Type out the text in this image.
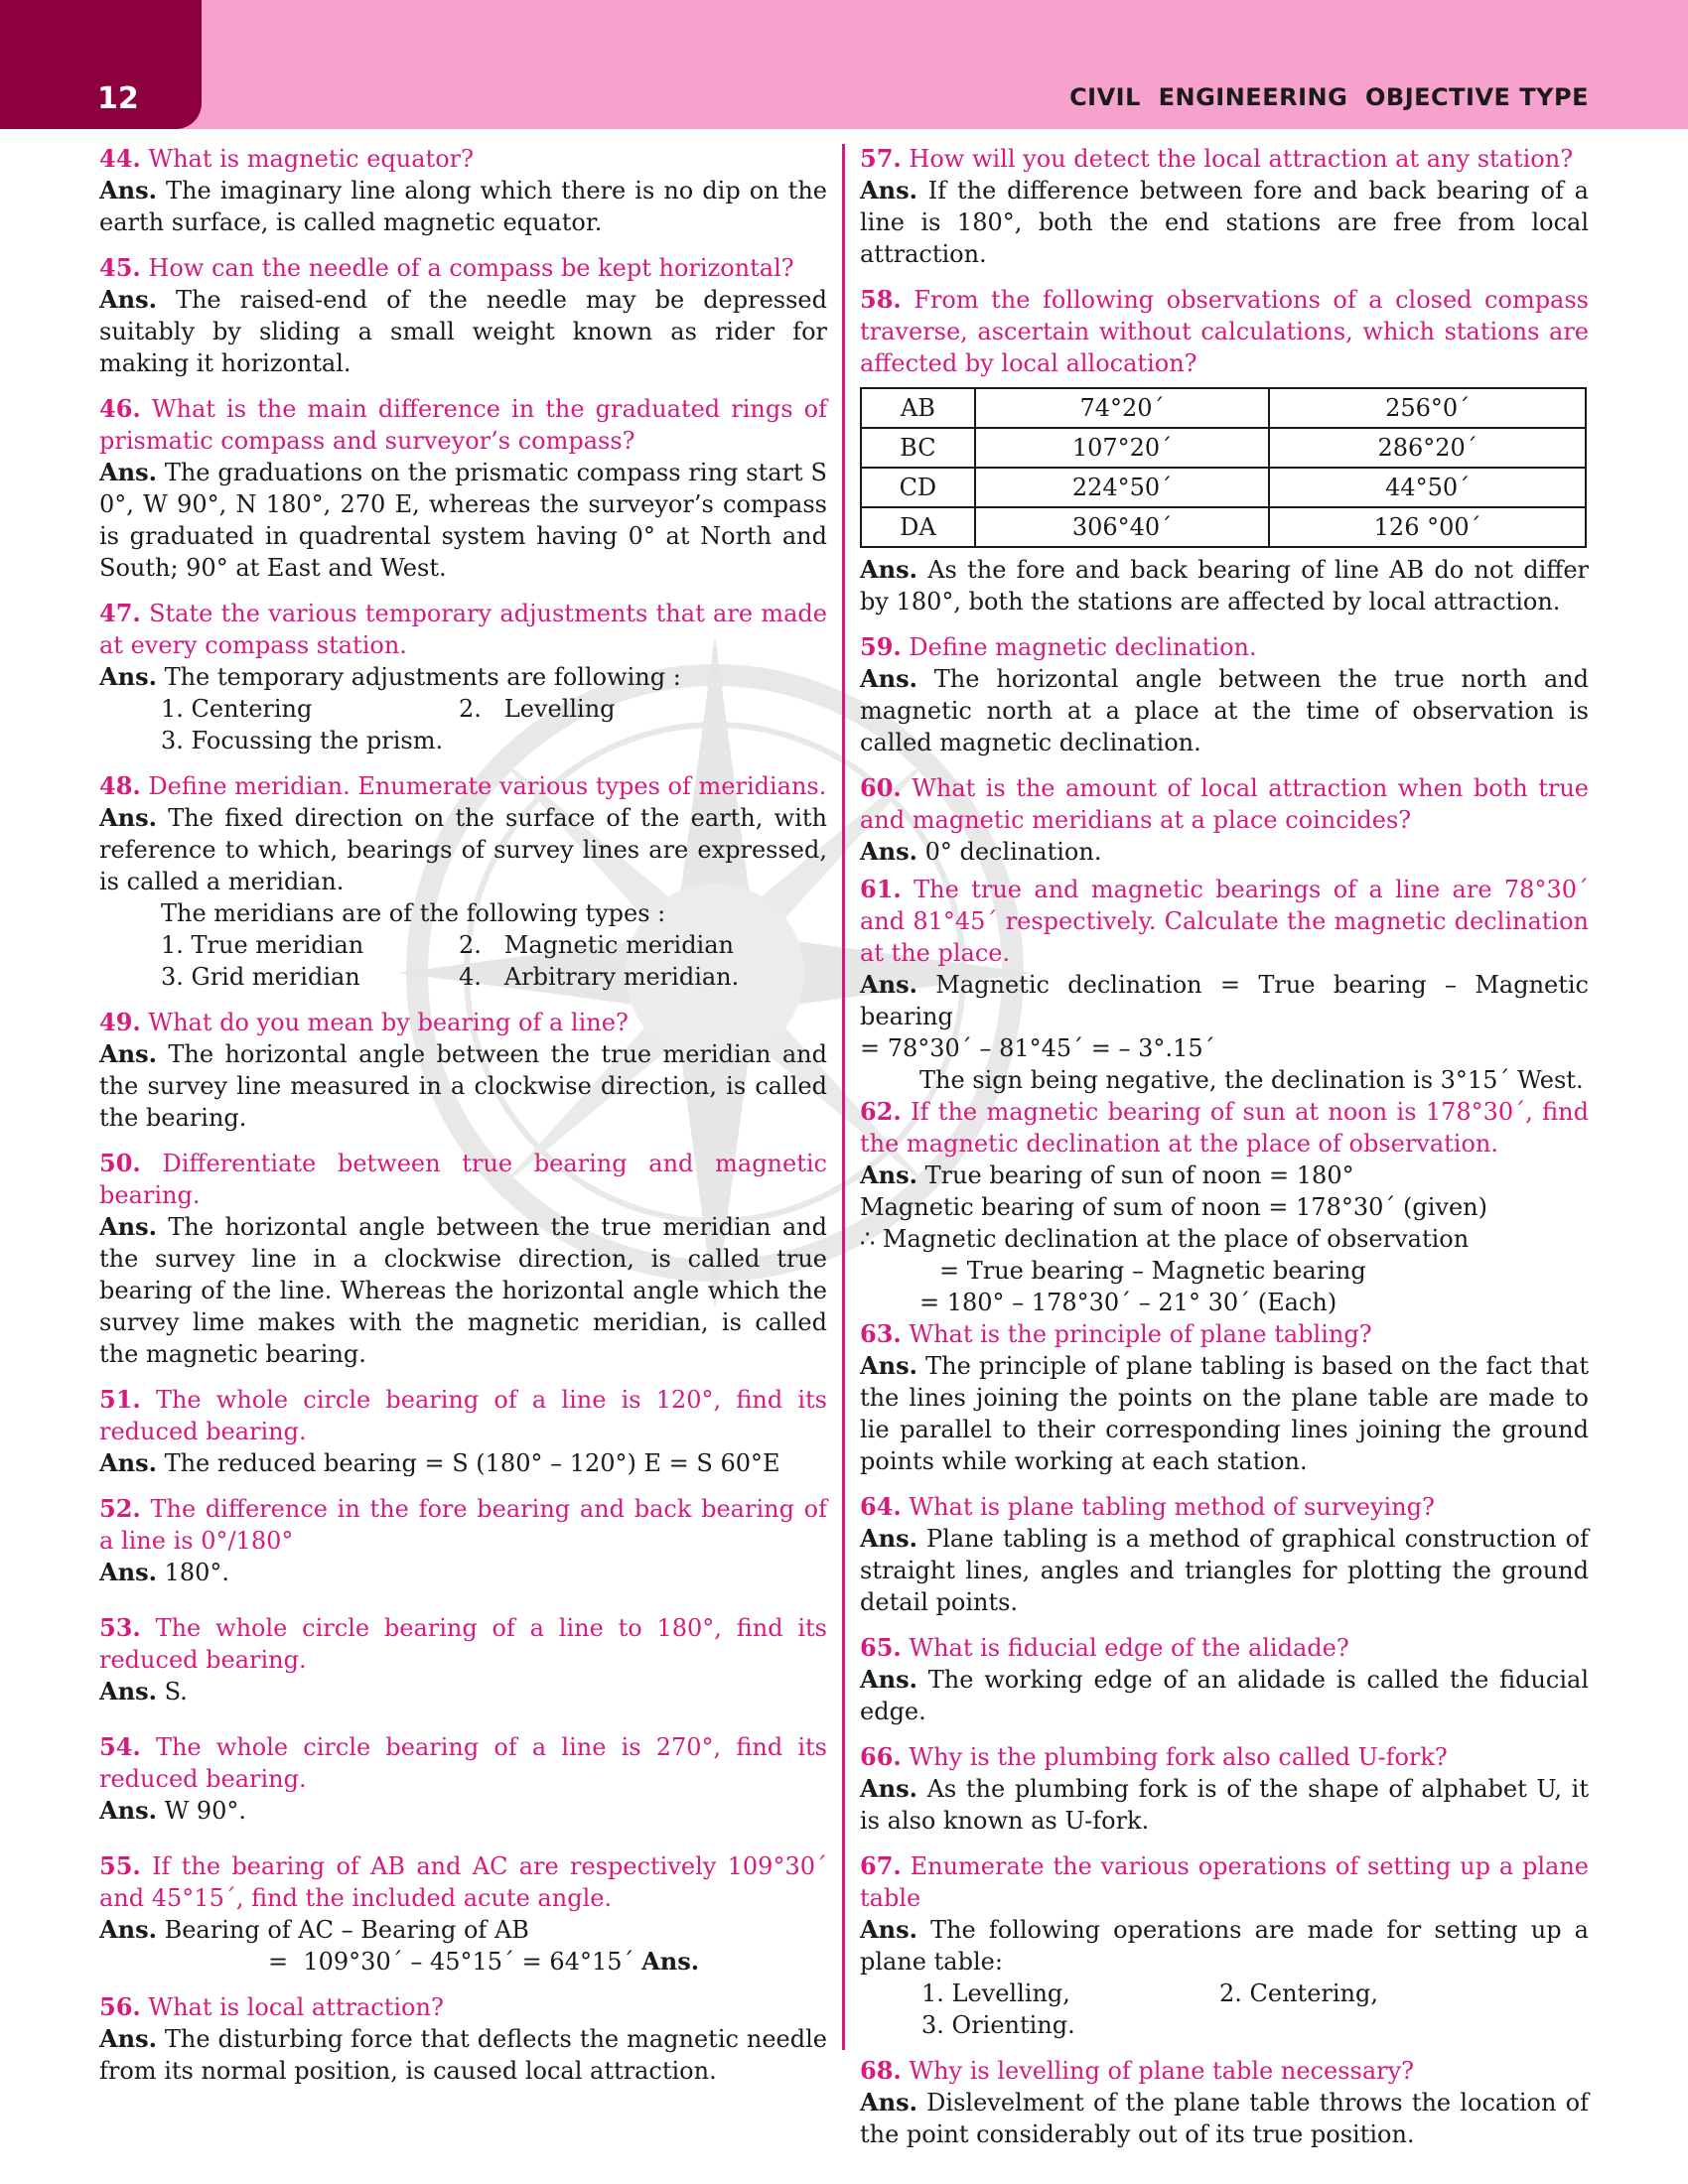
12	CIVIL  ENGINEERING  OBJECTIVE TYPE
44. What is magnetic equator?
Ans. The imaginary line along which there is no dip on the earth surface, is called magnetic equator.
45. How can the needle of a compass be kept horizontal?
Ans. The raised-end of the needle may be depressed suitably by sliding a small weight known as rider for making it horizontal.
46. What is the main difference in the graduated rings of prismatic compass and surveyor’s compass?
Ans. The graduations on the prismatic compass ring start S 0°, W 90°, N 180°, 270 E, whereas the surveyor’s compass is graduated in quadrental system having 0° at North and South; 90° at East and West.
47. State the various temporary adjustments that are made at every compass station.
Ans. The temporary adjustments are following :
1. Centering	2.   Levelling
3. Focussing the prism.
48. Define meridian. Enumerate various types of meridians.
Ans. The fixed direction on the surface of the earth, with reference to which, bearings of survey lines are expressed, is called a meridian.
The meridians are of the following types :
1. True meridian	2.   Magnetic meridian
3. Grid meridian	4.   Arbitrary meridian.
49. What do you mean by bearing of a line?
Ans. The horizontal angle between the true meridian and the survey line measured in a clockwise direction, is called the bearing.
50. Differentiate between true bearing and magnetic bearing.
Ans. The horizontal angle between the true meridian and the survey line in a clockwise direction, is called true bearing of the line. Whereas the horizontal angle which the survey lime makes with the magnetic meridian, is called the magnetic bearing.
51. The whole circle bearing of a line is 120°, find its reduced bearing.
Ans. The reduced bearing = S (180° – 120°) E = S 60°E
52. The difference in the fore bearing and back bearing of a line is 0°/180°
Ans. 180°.
53. The whole circle bearing of a line to 180°, find its reduced bearing.
Ans. S.
54. The whole circle bearing of a line is 270°, find its reduced bearing.
Ans. W 90°.
55. If the bearing of AB and AC are respectively 109°30´ and 45°15´, find the included acute angle.
Ans. Bearing of AC – Bearing of AB
=  109°30´ – 45°15´ = 64°15´ Ans.
56. What is local attraction?
Ans. The disturbing force that deflects the magnetic needle from its normal position, is caused local attraction.
57. How will you detect the local attraction at any station?
Ans. If the difference between fore and back bearing of a line is 180°, both the end stations are free from local attraction.
58. From the following observations of a closed compass traverse, ascertain without calculations, which stations are affected by local allocation?
AB	74°20´	256°0´
BC	107°20´	286°20´
CD	224°50´	44°50´
DA	306°40´	126 °00´
Ans. As the fore and back bearing of line AB do not differ by 180°, both the stations are affected by local attraction.
59. Define magnetic declination.
Ans. The horizontal angle between the true north and magnetic north at a place at the time of observation is called magnetic declination.
60. What is the amount of local attraction when both true and magnetic meridians at a place coincides?
Ans. 0° declination.
61. The true and magnetic bearings of a line are 78°30´ and 81°45´ respectively. Calculate the magnetic declination at the place.
Ans. Magnetic declination = True bearing – Magnetic bearing
= 78°30´ – 81°45´ = – 3°.15´
The sign being negative, the declination is 3°15´ West.
62. If the magnetic bearing of sun at noon is 178°30´, find the magnetic declination at the place of observation.
Ans. True bearing of sun of noon = 180°
Magnetic bearing of sum of noon = 178°30´ (given)
∴ Magnetic declination at the place of observation
= True bearing – Magnetic bearing
= 180° – 178°30´ – 21° 30´ (Each)
63. What is the principle of plane tabling?
Ans. The principle of plane tabling is based on the fact that the lines joining the points on the plane table are made to lie parallel to their corresponding lines joining the ground points while working at each station.
64. What is plane tabling method of surveying?
Ans. Plane tabling is a method of graphical construction of straight lines, angles and triangles for plotting the ground detail points.
65. What is fiducial edge of the alidade?
Ans. The working edge of an alidade is called the fiducial edge.
66. Why is the plumbing fork also called U-fork?
Ans. As the plumbing fork is of the shape of alphabet U, it is also known as U-fork.
67. Enumerate the various operations of setting up a plane table
Ans. The following operations are made for setting up a plane table:
1. Levelling,	2. Centering,
3. Orienting.
68. Why is levelling of plane table necessary?
Ans. Dislevelment of the plane table throws the location of the point considerably out of its true position.
